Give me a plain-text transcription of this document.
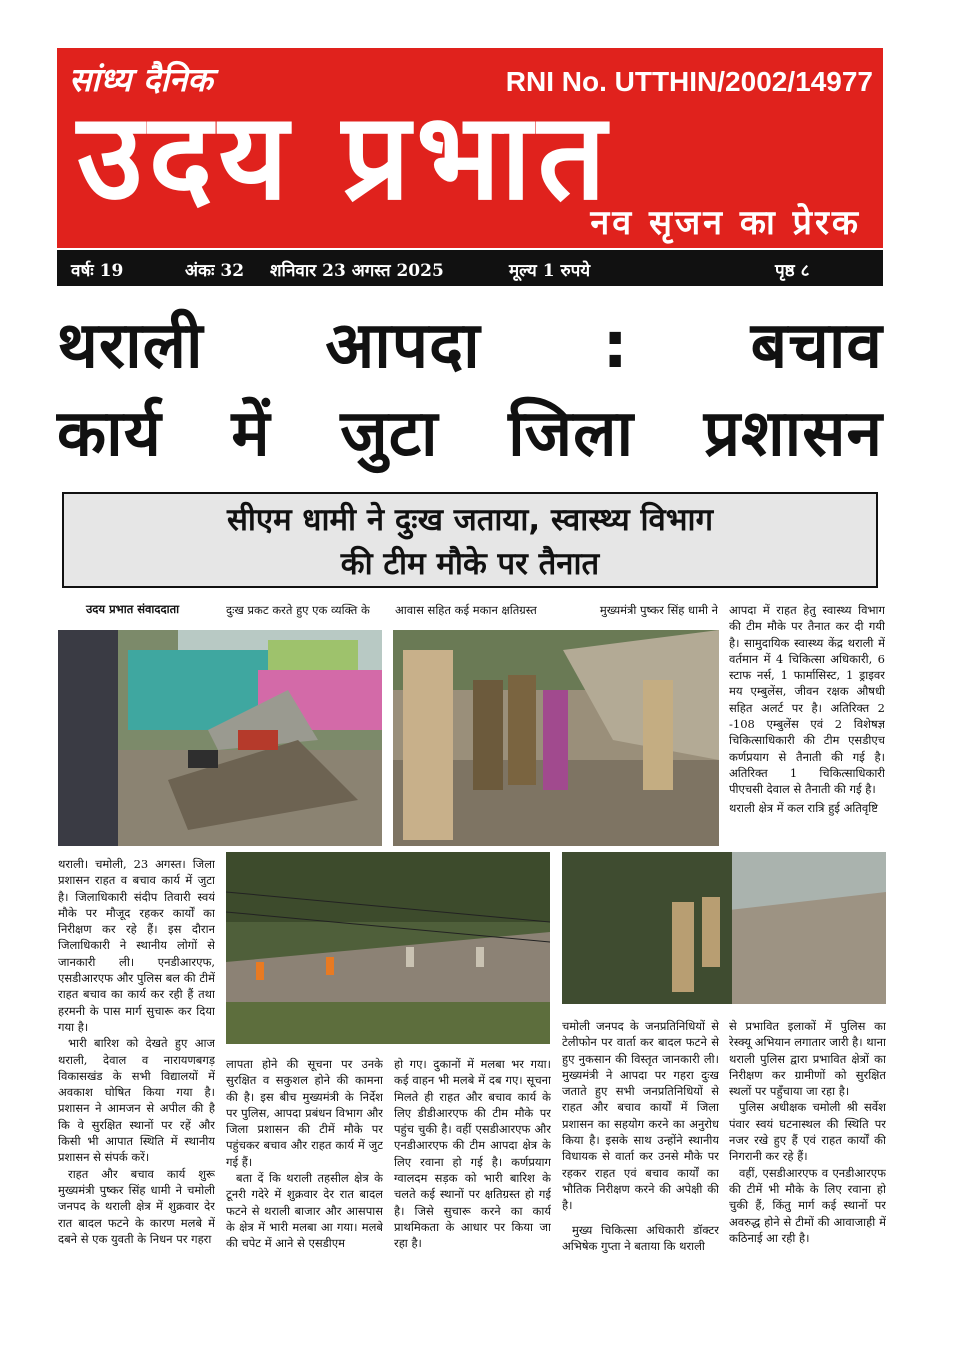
सांध्य दैनिक	RNI No. UTTHIN/2002/14977
उदय प्रभात
नव सृजन का प्रेरक
वर्षः 19	अंकः 32 शनिवार 23 अगस्त 2025	मूल्य 1 रुपये	पृष्ठ ८
थराली आपदा : बचाव
कार्य में जुटा जिला प्रशासन
सीएम धामी ने दुःख जताया, स्वास्थ्य विभाग
की टीम मौके पर तैनात
उदय प्रभात संवाददाता	दुःख प्रकट करते हुए एक व्यक्ति के	आवास सहित कई मकान क्षतिग्रस्त	मुख्यमंत्री पुष्कर सिंह धामी ने आपदा में राहत हेतु स्वास्थ्य विभाग की टीम मौके पर तैनात कर दी गयी है। सामुदायिक स्वास्थ्य केंद्र थराली में वर्तमान में 4 चिकित्सा अधिकारी, 6 स्टाफ नर्स, 1 फार्मासिस्ट, 1 ड्राइवर मय एम्बुलेंस, जीवन रक्षक औषधी सहित अलर्ट पर है। अतिरिक्त 2 -108 एम्बुलेंस एवं 2 विशेषज्ञ चिकित्साधिकारी की टीम एसडीएच कर्णप्रयाग से तैनाती की गई है। अतिरिक्त 1 चिकित्साधिकारी पीएचसी देवाल से तैनाती की गई है।

थराली क्षेत्र में कल रात्रि हुई अतिवृष्टि

थराली। चमोली, 23 अगस्त। जिला प्रशासन राहत व बचाव कार्य में जुटा है। जिलाधिकारी संदीप तिवारी स्वयं मौके पर मौजूद रहकर कार्यों का निरीक्षण कर रहे हैं। इस दौरान जिलाधिकारी ने स्थानीय लोगों से जानकारी ली। एनडीआरएफ, एसडीआरएफ और पुलिस बल की टीमें राहत बचाव का कार्य कर रही हैं तथा हरमनी के पास मार्ग सुचारू कर दिया गया है।

भारी बारिश को देखते हुए आज थराली, देवाल व नारायणबगड़ विकासखंड के सभी विद्यालयों में अवकाश घोषित किया गया है। प्रशासन ने आमजन से अपील की है कि वे सुरक्षित स्थानों पर रहें और किसी भी आपात स्थिति में स्थानीय प्रशासन से संपर्क करें।

राहत और बचाव कार्य शुरू मुख्यमंत्री पुष्कर सिंह धामी ने चमोली जनपद के थराली क्षेत्र में शुक्रवार देर रात बादल फटने के कारण मलबे में दबने से एक युवती के निधन पर गहरा

लापता होने की सूचना पर उनके सुरक्षित व सकुशल होने की कामना की है। इस बीच मुख्यमंत्री के निर्देश पर पुलिस, आपदा प्रबंधन विभाग और जिला प्रशासन की टीमें मौके पर पहुंचकर बचाव और राहत कार्य में जुट गई हैं।

बता दें कि थराली तहसील क्षेत्र के टूनरी गदेरे में शुक्रवार देर रात बादल फटने से थराली बाजार और आसपास के क्षेत्र में भारी मलबा आ गया। मलबे की चपेट में आने से एसडीएम

हो गए। दुकानों में मलबा भर गया। कई वाहन भी मलबे में दब गए। सूचना मिलते ही राहत और बचाव कार्य के लिए डीडीआरएफ की टीम मौके पर पहुंच चुकी है। वहीं एसडीआरएफ और एनडीआरएफ की टीम आपदा क्षेत्र के लिए रवाना हो गई है। कर्णप्रयाग ग्वालदम सड़क को भारी बारिश के चलते कई स्थानों पर क्षतिग्रस्त हो गई है। जिसे सुचारू करने का कार्य प्राथमिकता के आधार पर किया जा रहा है।

चमोली जनपद के जनप्रतिनिधियों से टेलीफोन पर वार्ता कर बादल फटने से हुए नुकसान की विस्तृत जानकारी ली। मुख्यमंत्री ने आपदा पर गहरा दुःख जताते हुए सभी जनप्रतिनिधियों से राहत और बचाव कार्यों में जिला प्रशासन का सहयोग करने का अनुरोध किया है। इसके साथ उन्होंने स्थानीय विधायक से वार्ता कर उनसे मौके पर रहकर राहत एवं बचाव कार्यों का भौतिक निरीक्षण करने की अपेक्षी की है।

मुख्य चिकित्सा अधिकारी डॉक्टर अभिषेक गुप्ता ने बताया कि थराली

से प्रभावित इलाकों में पुलिस का रेस्क्यू अभियान लगातार जारी है। थाना थराली पुलिस द्वारा प्रभावित क्षेत्रों का निरीक्षण कर ग्रामीणों को सुरक्षित स्थलों पर पहुँचाया जा रहा है।

पुलिस अधीक्षक चमोली श्री सर्वेश पंवार स्वयं घटनास्थल की स्थिति पर नजर रखे हुए हैं एवं राहत कार्यों की निगरानी कर रहे हैं।

वहीं, एसडीआरएफ व एनडीआरएफ की टीमें भी मौके के लिए रवाना हो चुकी हैं, किंतु मार्ग कई स्थानों पर अवरुद्ध होने से टीमों की आवाजाही में कठिनाई आ रही है।
